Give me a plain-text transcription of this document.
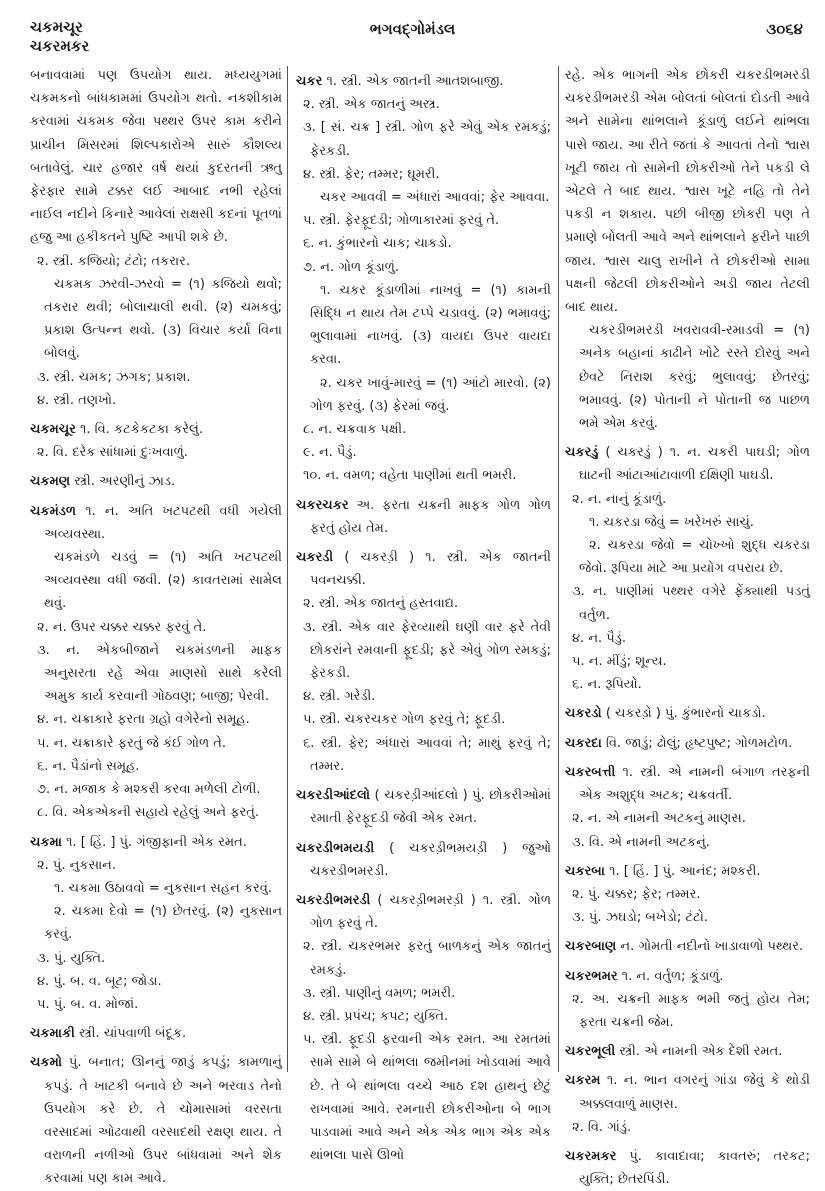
ચકમચૂર
ચકરમકર
ભગવદ્ગોમંડલ	૩૦૬૪

બનાવવામાં પણ ઉપયોગ થાય. મધ્યયુગમાં ચકમકનો બાંધકામમાં ઉપયોગ થતો. નકશીકામ કરવામાં ચકમક જેવા પથ્થર ઉપર કામ કરીને પ્રાચીન મિસરમાં શિલ્પકારોએ સારું કૌશલ્ય બતાવેલું. ચાર હજાર વર્ષ થયાં કુદરતની ઋતુ ફેરફાર સામે ટક્કર લઈ આબાદ નભી રહેલાં નાઈલ નદીને કિનારે આવેલાં રાક્ષસી કદનાં પૂતળાં હજુ આ હકીકતને પુષ્ટિ આપી શકે છે.

૨. સ્ત્રી. કજિયો; ટંટો; તકરાર.

ચકમક ઝરવી-ઝરવો = (૧) કજિયો થવો; તકરાર થવી; બોલાચાલી થવી. (૨) ચમકવું; પ્રકાશ ઉત્પન્ન થવો. (૩) વિચાર કર્યા વિના બોલવું.

૩. સ્ત્રી. ચમક; ઝગક; પ્રકાશ.

૪. સ્ત્રી. તણખો.

ચકમચૂર ૧. વિ. કટકેકટકા કરેલું.

૨. વિ. દરેક સાંધામાં દુઃખવાળું.

ચકમણ સ્ત્રી. અરણીનું ઝાડ.

ચકમંડળ ૧. ન. અતિ ખટપટથી વધી ગયેલી અવ્યવસ્થા.

ચકમંડળે ચડવું = (૧) અતિ ખટપટથી અવ્યવસ્થા વધી જવી. (૨) કાવતરામાં સામેલ થવું.

૨. ન. ઉપર ચક્કર ચક્કર ફરવું તે.

૩. ન. એકબીજાને ચકમંડળની માફક અનુસરતા રહે એવા માણસો સાથે કરેલી અમુક કાર્ય કરવાની ગોઠવણ; બાજી; પેરવી.

૪. ન. ચક્રાકારે ફરતા ગ્રહો વગેરેનો સમૂહ.

૫. ન. ચક્રાકારે ફરતું જે કંઈ ગોળ તે.

૬. ન. પૈડાંનો સમૂહ.

૭. ન. મજાક કે મશ્કરી કરવા મળેલી ટોળી.

૮. વિ. એકએકની સહાયે રહેલું અને ફરતું.

ચકમા ૧. [ હિં. ] પું. ગંજીફાની એક રમત.

૨. પું. નુકસાન.

૧. ચકમા ઉઠાવવો = નુકસાન સહન કરવું.

૨. ચકમા દેવો = (૧) છેતરવું. (૨) નુકસાન કરવું.

૩. પું. યુક્તિ.

૪. પું. બ. વ. બૂટ; જોડા.

૫. પું. બ. વ. મોજાં.

ચકમાકી સ્ત્રી. ચાંપવાળી બંદૂક.

ચકમો પું. બનાત; ઊનનું જાડું કપડું; કામળાનું કપડું. તે ખાટકી બનાવે છે અને ભરવાડ તેનો ઉપયોગ કરે છે. તે ચોમાસામાં વરસતા વરસાદમાં ઓઢવાથી વરસાદથી રક્ષણ થાય. તે વરાળની નળીઓ ઉપર બાંધવામાં અને શેક કરવામાં પણ કામ આવે.

ચકર ૧. સ્ત્રી. એક જાતની આતશબાજી.

૨. સ્ત્રી. એક જાતનું અસ્ત્ર.

૩. [ સં. ચક્ર ] સ્ત્રી. ગોળ ફરે એવું એક રમકડું; ફેરકડી.

૪. સ્ત્રી. ફેર; તમ્મર; ઘૂમરી.

ચકર આવવી = અંધારાં આવવાં; ફેર આવવા.

૫. સ્ત્રી. ફેરફૂદડી; ગોળાકારમાં ફરવું તે.

૬. ન. કુંભારનો ચાક; ચાકડો.

૭. ન. ગોળ કૂંડાળું.

૧. ચકર કૂંડાળીમાં નાખવું = (૧) કામની સિદ્ધિ ન થાય તેમ ટપ્પે ચડાવવું. (૨) ભમાવવું; ભુલાવામાં નાખવું. (૩) વાયદા ઉપર વાયદા કરવા.

૨. ચકર ખાવું-મારવું = (૧) આંટો મારવો. (૨) ગોળ ફરવું. (૩) ફેરમાં જવું.

૮. ન. ચક્રવાક પક્ષી.

૯. ન. પૈડું.

૧૦. ન. વમળ; વહેતા પાણીમાં થતી ભમરી.

ચકરચકર અ. ફરતા ચક્રની માફક ગોળ ગોળ ફરતું હોય તેમ.

ચકરડી ( ચકરડ઼ી ) ૧. સ્ત્રી. એક જાતની પવનચક્કી.

૨. સ્ત્રી. એક જાતનું હસ્તવાદ્ય.

૩. સ્ત્રી. એક વાર ફેરવ્યાથી ઘણી વાર ફરે તેવી છોકરાંને રમવાની ફૂદડી; ફરે એવું ગોળ રમકડું; ફેરકડી.

૪. સ્ત્રી. ગરેડી.

૫. સ્ત્રી. ચકરચકર ગોળ ફરવું તે; ફૂદડી.

૬. સ્ત્રી. ફેર; અંધારાં આવવાં તે; માથું ફરવું તે; તમ્મર.

ચકરડીઆંદલો ( ચકરડ઼ીઆંદલો ) પું. છોકરીઓમાં રમાતી ફેરફૂદડી જેવી એક રમત.

ચકરડીભમયડી ( ચકરડ઼ીભમયડ઼ી ) જુઓ ચકરડીભમરડી.

ચકરડીભમરડી ( ચકરડ઼ીભમરડ઼ી ) ૧. સ્ત્રી. ગોળ ગોળ ફરવું તે.

૨. સ્ત્રી. ચકરભમર ફરતું બાળકનું એક જાતનું રમકડું.

૩. સ્ત્રી. પાણીનું વમળ; ભમરી.

૪. સ્ત્રી. પ્રપંચ; કપટ; યુક્તિ.

૫. સ્ત્રી. ફૂદડી ફરવાની એક રમત. આ રમતમાં સામે સામે બે થાંભલા જમીનમાં ખોડવામાં આવે છે. તે બે થાંભલા વચ્ચે આઠ દશ હાથનું છેટું રાખવામાં આવે. રમનારી છોકરીઓના બે ભાગ પાડવામાં આવે અને એક એક ભાગ એક એક થાંભલા પાસે ઊભો

રહે. એક ભાગની એક છોકરી ચકરડીભમરડી ચકરડીભમરડી એમ બોલતાં બોલતાં દોડતી આવે અને સામેના થાંભલાને કૂંડાળું લઈને થાંભલા પાસે જાય. આ રીતે જતાં કે આવતાં તેનો શ્વાસ ખૂટી જાય તો સામેની છોકરીઓ તેને પકડી લે એટલે તે બાદ થાય. શ્વાસ ખૂટે નહિ તો તેને પકડી ન શકાય. પછી બીજી છોકરી પણ તે પ્રમાણે બોલતી આવે અને થાંભલાને ફરીને પાછી જાય. શ્વાસ ચાલુ રાખીને તે છોકરીઓ સામા પક્ષની જેટલી છોકરીઓને અડી જાય તેટલી બાદ થાય.

ચકરડીભમરડી ખવરાવવી-રમાડવી = (૧) અનેક બહાનાં કાઢીને ખોટે રસ્તે દોરવું અને છેવટે નિરાશ કરવું; ભુલાવવું; છેતરવું; ભમાવવું. (૨) પોતાની ને પોતાની જ પાછળ ભમે એમ કરવું.

ચકરડું ( ચકરડ઼ું ) ૧. ન. ચકરી પાઘડી; ગોળ ઘાટની આંટાઆંટાવાળી દક્ષિણી પાઘડી.

૨. ન. નાનું કૂંડાળું.

૧. ચકરડા જેવું = ખરેખરું સાચું.

૨. ચકરડા જેવો = ચોખ્ખો શુદ્ધ ચકરડા જેવો. રૂપિયા માટે આ પ્રયોગ વપરાય છે.

૩. ન. પાણીમાં પથ્થર વગેરે ફેંક્યાથી પડતું વર્તુળ.

૪. ન. પૈડું.

૫. ન. મીંડું; શૂન્ય.

૬. ન. રૂપિયો.

ચકરડો ( ચકરડ઼ો ) પું. કુંભારનો ચાકડો.

ચકરદા વિ. જાડું; ઢોલું; હૃષ્ટપુષ્ટ; ગોળમટોળ.

ચકરબત્તી ૧. સ્ત્રી. એ નામની બંગાળ તરફની એક અશુદ્ધ અટક; ચક્રવર્તી.

૨. ન. એ નામની અટકનું માણસ.

૩. વિ. એ નામની અટકનું.

ચકરબા ૧. [ હિં. ] પું. આનંદ; મશ્કરી.

૨. પું. ચક્કર; ફેર; તમ્મર.

૩. પું. ઝઘડો; બખેડો; ટંટો.

ચકરબાણ ન. ગોમતી નદીનો ખાડાવાળો પથ્થર.

ચકરભમર ૧. ન. વર્તુળ; કૂંડાળું.

૨. અ. ચક્રની માફક ભમી જતું હોય તેમ; ફરતા ચક્રની જેમ.

ચકરભૂલી સ્ત્રી. એ નામની એક દેશી રમત.

ચકરમ ૧. ન. ભાન વગરનું ગાંડા જેવું કે થોડી અક્કલવાળું માણસ.

૨. વિ. ગાંડું.

ચકરમકર પું. કાવાદાવા; કાવતરું; તરકટ; યુક્તિ; છેતરપિંડી.
